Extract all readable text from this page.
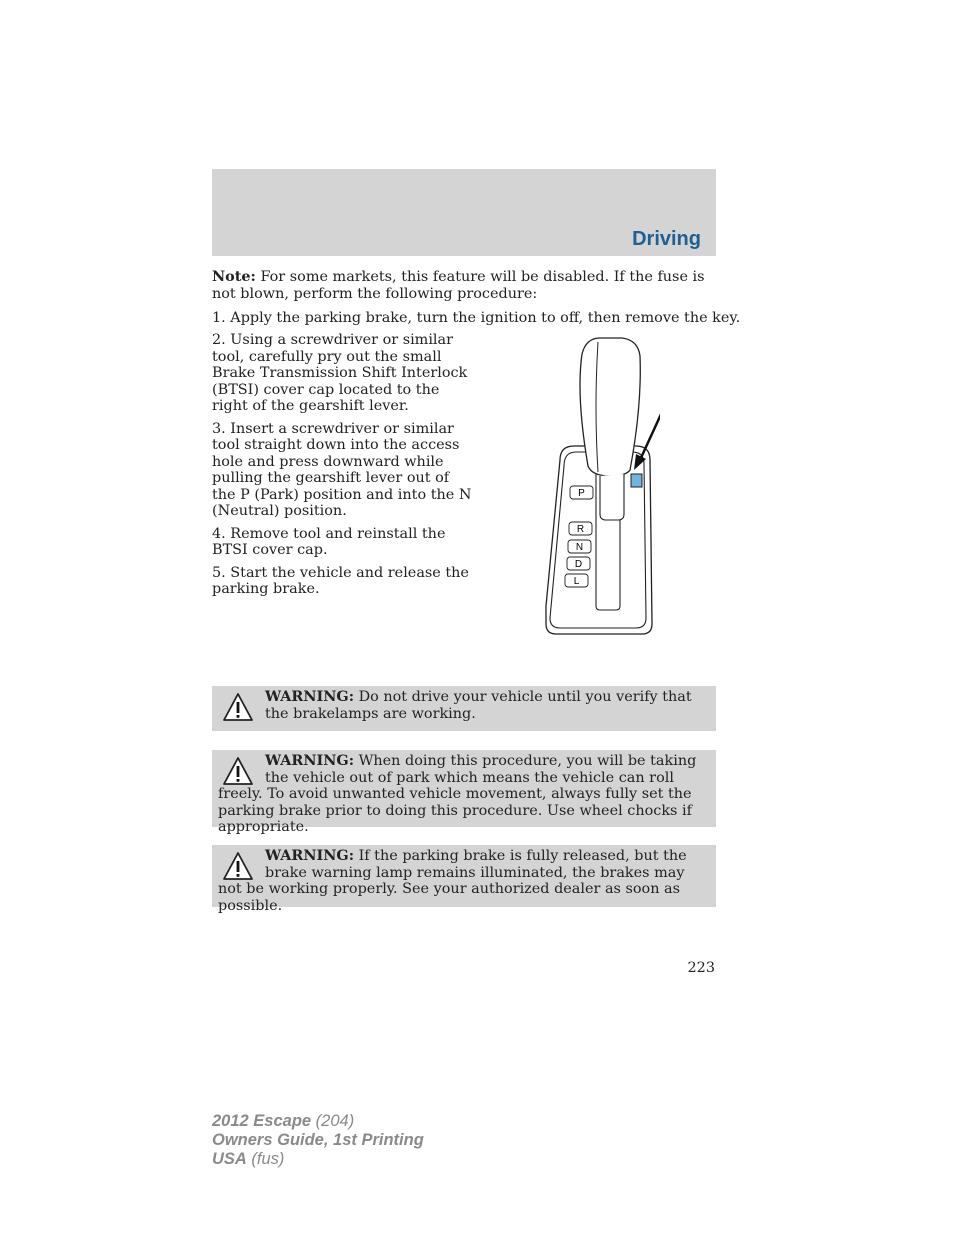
Driving
Note: For some markets, this feature will be disabled. If the fuse is not blown, perform the following procedure:
1. Apply the parking brake, turn the ignition to off, then remove the key.

2. Using a screwdriver or similar tool, carefully pry out the small Brake Transmission Shift Interlock (BTSI) cover cap located to the right of the gearshift lever.

3. Insert a screwdriver or similar tool straight down into the access hole and press downward while pulling the gearshift lever out of the P (Park) position and into the N (Neutral) position.

4. Remove tool and reinstall the BTSI cover cap.

5. Start the vehicle and release the parking brake.

P
R
N
D
L
WARNING: Do not drive your vehicle until you verify that the brakelamps are working.
WARNING: When doing this procedure, you will be taking the vehicle out of park which means the vehicle can roll freely. To avoid unwanted vehicle movement, always fully set the parking brake prior to doing this procedure. Use wheel chocks if appropriate.
WARNING: If the parking brake is fully released, but the brake warning lamp remains illuminated, the brakes may not be working properly. See your authorized dealer as soon as possible.
223
2012 Escape (204)
Owners Guide, 1st Printing
USA (fus)
